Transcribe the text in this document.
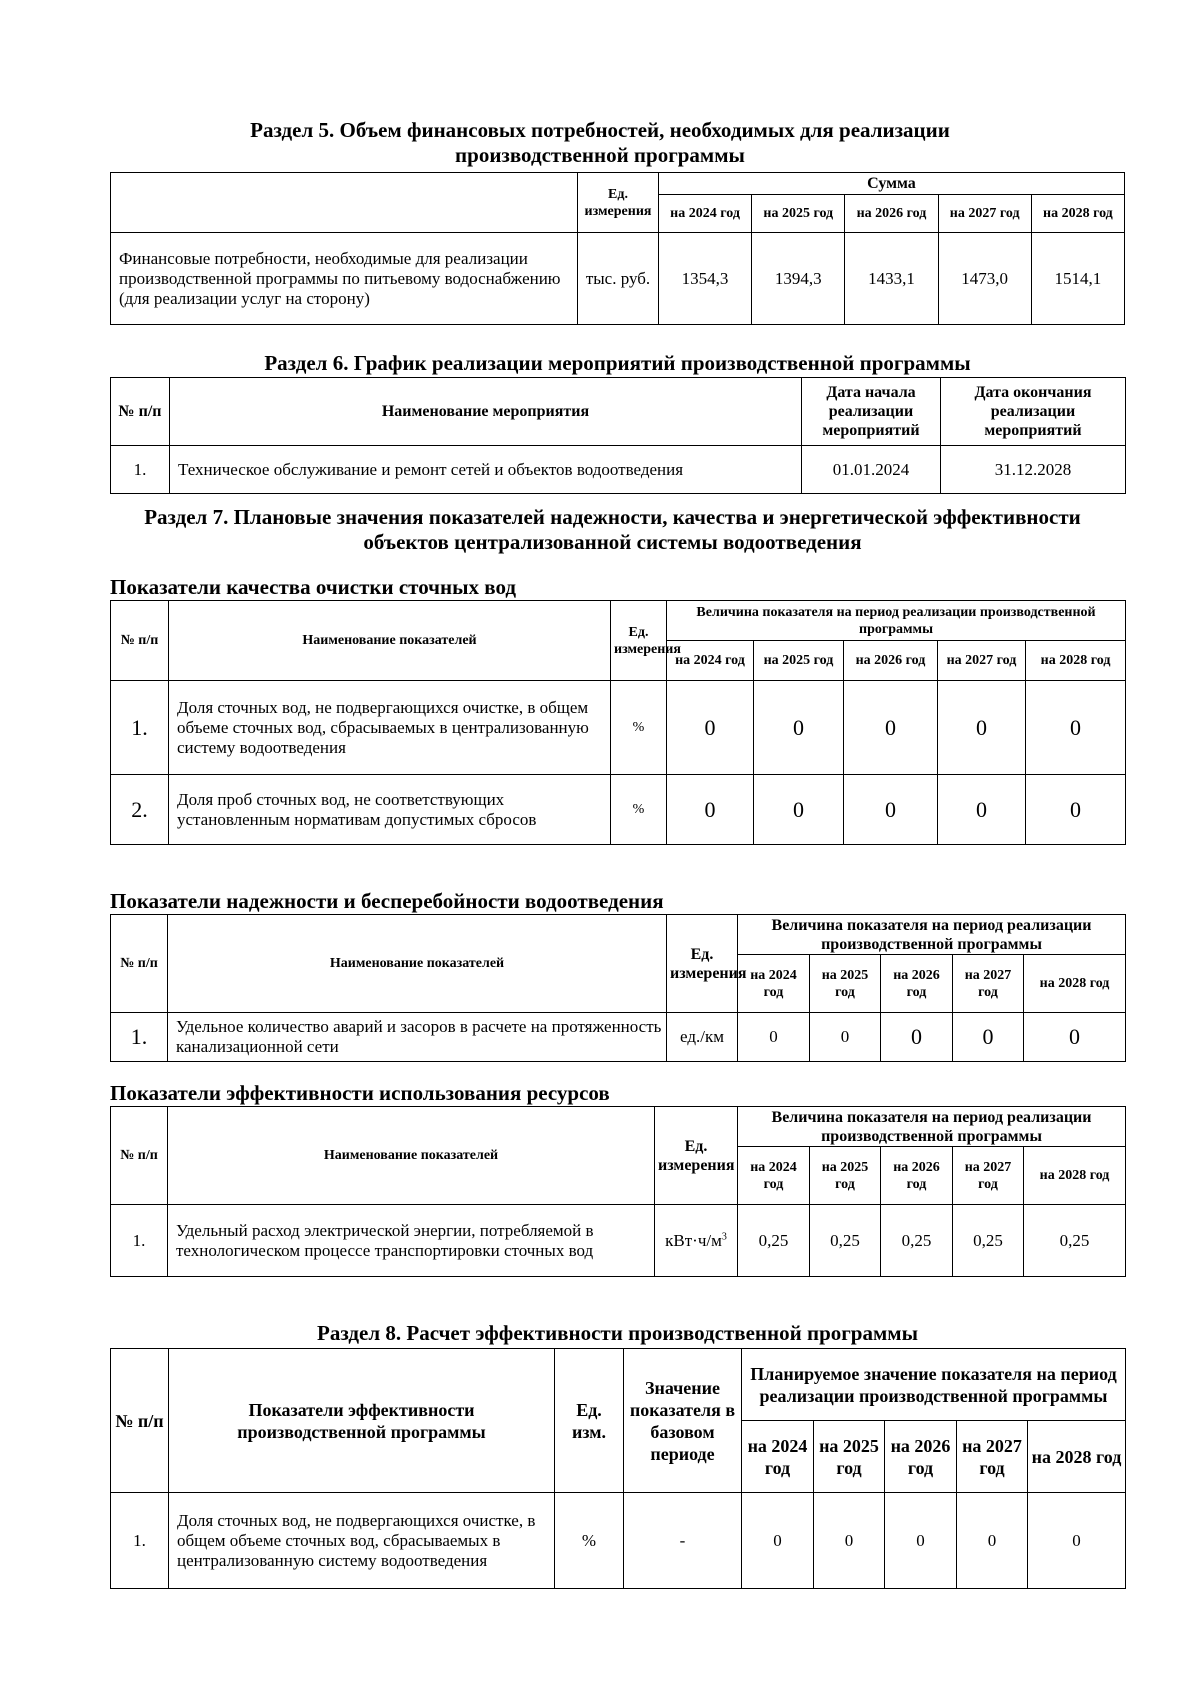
Раздел 5. Объем финансовых потребностей, необходимых для реализации производственной программы
	Ед. измерения	Сумма				
		на 2024 год	на 2025 год	на 2026 год	на 2027 год	на 2028 год
Финансовые потребности, необходимые для реализации производственной программы по питьевому водоснабжению (для реализации услуг на сторону)	тыс. руб.	1354,3	1394,3	1433,1	1473,0	1514,1
Раздел 6. График реализации мероприятий производственной программы
№ п/п	Наименование мероприятия	Дата начала реализации мероприятий	Дата окончания реализации мероприятий
1.	Техническое обслуживание и ремонт сетей и объектов водоотведения	01.01.2024	31.12.2028
Раздел 7. Плановые значения показателей надежности, качества и энергетической эффективности объектов централизованной системы водоотведения
Показатели качества очистки сточных вод
№ п/п	Наименование показателей	Ед. измерения	Величина показателя на период реализации производственной программы				
			на 2024 год	на 2025 год	на 2026 год	на 2027 год	на 2028 год
1.	Доля сточных вод, не подвергающихся очистке, в общем объеме сточных вод, сбрасываемых в централизованную систему водоотведения	%	0	0	0	0	0
2.	Доля проб сточных вод, не соответствующих установленным нормативам допустимых сбросов	%	0	0	0	0	0
Показатели надежности и бесперебойности водоотведения
№ п/п	Наименование показателей	Ед. измерения	Величина показателя на период реализации производственной программы				
			на 2024 год	на 2025 год	на 2026 год	на 2027 год	на 2028 год
1.	Удельное количество аварий и засоров в расчете на протяженность канализационной сети	ед./км	0	0	0	0	0
Показатели эффективности использования ресурсов
№ п/п	Наименование показателей	Ед. измерения	Величина показателя на период реализации производственной программы				
			на 2024 год	на 2025 год	на 2026 год	на 2027 год	на 2028 год
1.	Удельный расход электрической энергии, потребляемой в технологическом процессе транспортировки сточных вод	$кВт\cdot ч/м^3$	0,25	0,25	0,25	0,25	0,25
Раздел 8. Расчет эффективности производственной программы
№ п/п	Показатели эффективности производственной программы	Ед. изм.	Значение показателя в базовом периоде	Планируемое значение показателя на период реализации производственной программы				
				на 2024 год	на 2025 год	на 2026 год	на 2027 год	на 2028 год
1.	Доля сточных вод, не подвергающихся очистке, в общем объеме сточных вод, сбрасываемых в централизованную систему водоотведения	%	-	0	0	0	0	0
